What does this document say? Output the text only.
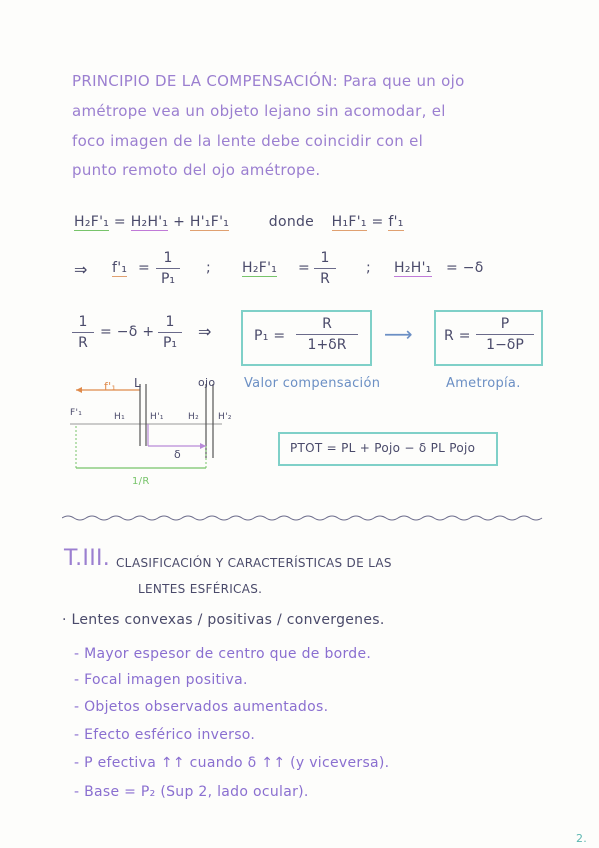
PRINCIPIO DE LA COMPENSACIÓN: Para que un ojo
amétrope vea un objeto lejano sin acomodar, el
foco imagen de la lente debe coincidir con el
punto remoto del ojo amétrope.
H₂F'₁ = H₂H'₁ + H'₁F'₁	donde H₁F'₁ = f'₁
⇒ f'₁ =
1
P₁
; H₂F'₁ =
1
R
; H₂H'₁ = −δ
1
R
= −δ +
1
P₁
⇒	P₁ =
R
1+δR	⟶ R =
P
1−δP
Valor compensación	Ametropía.
f'₁ L	ojo
F'₁	H₁	H'₁	H₂ H'₂
δ
1/R
PTOT = PL + Pojo − δ PL Pojo
T.III. CLASIFICACIÓN Y CARACTERÍSTICAS DE LAS
LENTES ESFÉRICAS.
· Lentes convexas / positivas / convergenes.
- Mayor espesor de centro que de borde.
- Focal imagen positiva.
- Objetos observados aumentados.
- Efecto esférico inverso.
- P efectiva ↑↑ cuando δ ↑↑ (y viceversa).
- Base = P₂ (Sup 2, lado ocular).
2.
